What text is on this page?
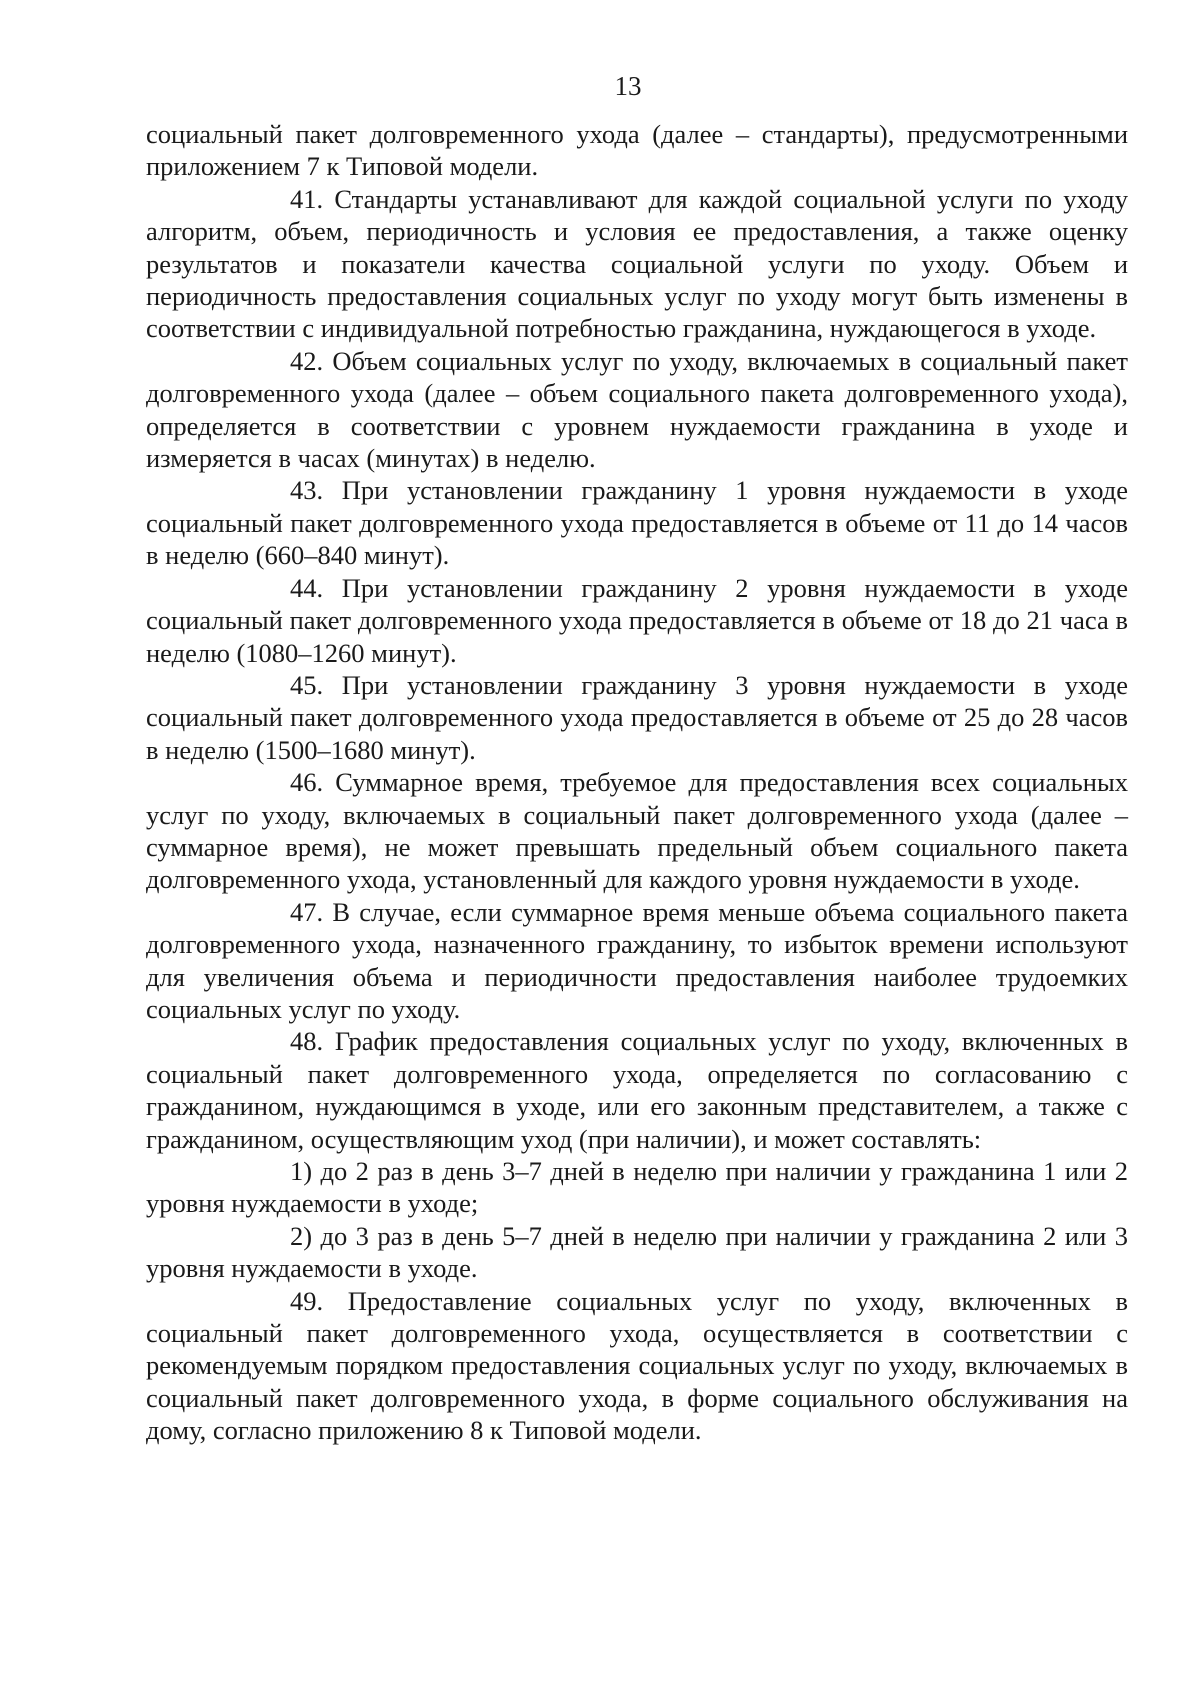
13

социальный пакет долговременного ухода (далее – стандарты), предусмотренными приложением 7 к Типовой модели.

41. Стандарты устанавливают для каждой социальной услуги по уходу алгоритм, объем, периодичность и условия ее предоставления, а также оценку результатов и показатели качества социальной услуги по уходу. Объем и периодичность предоставления социальных услуг по уходу могут быть изменены в соответствии с индивидуальной потребностью гражданина, нуждающегося в уходе.

42. Объем социальных услуг по уходу, включаемых в социальный пакет долговременного ухода (далее – объем социального пакета долговременного ухода), определяется в соответствии с уровнем нуждаемости гражданина в уходе и измеряется в часах (минутах) в неделю.

43. При установлении гражданину 1 уровня нуждаемости в уходе социальный пакет долговременного ухода предоставляется в объеме от 11 до 14 часов в неделю (660–840 минут).

44. При установлении гражданину 2 уровня нуждаемости в уходе социальный пакет долговременного ухода предоставляется в объеме от 18 до 21 часа в неделю (1080–1260 минут).

45. При установлении гражданину 3 уровня нуждаемости в уходе социальный пакет долговременного ухода предоставляется в объеме от 25 до 28 часов в неделю (1500–1680 минут).

46. Суммарное время, требуемое для предоставления всех социальных услуг по уходу, включаемых в социальный пакет долговременного ухода (далее – суммарное время), не может превышать предельный объем социального пакета долговременного ухода, установленный для каждого уровня нуждаемости в уходе.

47. В случае, если суммарное время меньше объема социального пакета долговременного ухода, назначенного гражданину, то избыток времени используют для увеличения объема и периодичности предоставления наиболее трудоемких социальных услуг по уходу.

48. График предоставления социальных услуг по уходу, включенных в социальный пакет долговременного ухода, определяется по согласованию с гражданином, нуждающимся в уходе, или его законным представителем, а также с гражданином, осуществляющим уход (при наличии), и может составлять:

1) до 2 раз в день 3–7 дней в неделю при наличии у гражданина 1 или 2 уровня нуждаемости в уходе;

2) до 3 раз в день 5–7 дней в неделю при наличии у гражданина 2 или 3 уровня нуждаемости в уходе.

49. Предоставление социальных услуг по уходу, включенных в социальный пакет долговременного ухода, осуществляется в соответствии с рекомендуемым порядком предоставления социальных услуг по уходу, включаемых в социальный пакет долговременного ухода, в форме социального обслуживания на дому, согласно приложению 8 к Типовой модели.
